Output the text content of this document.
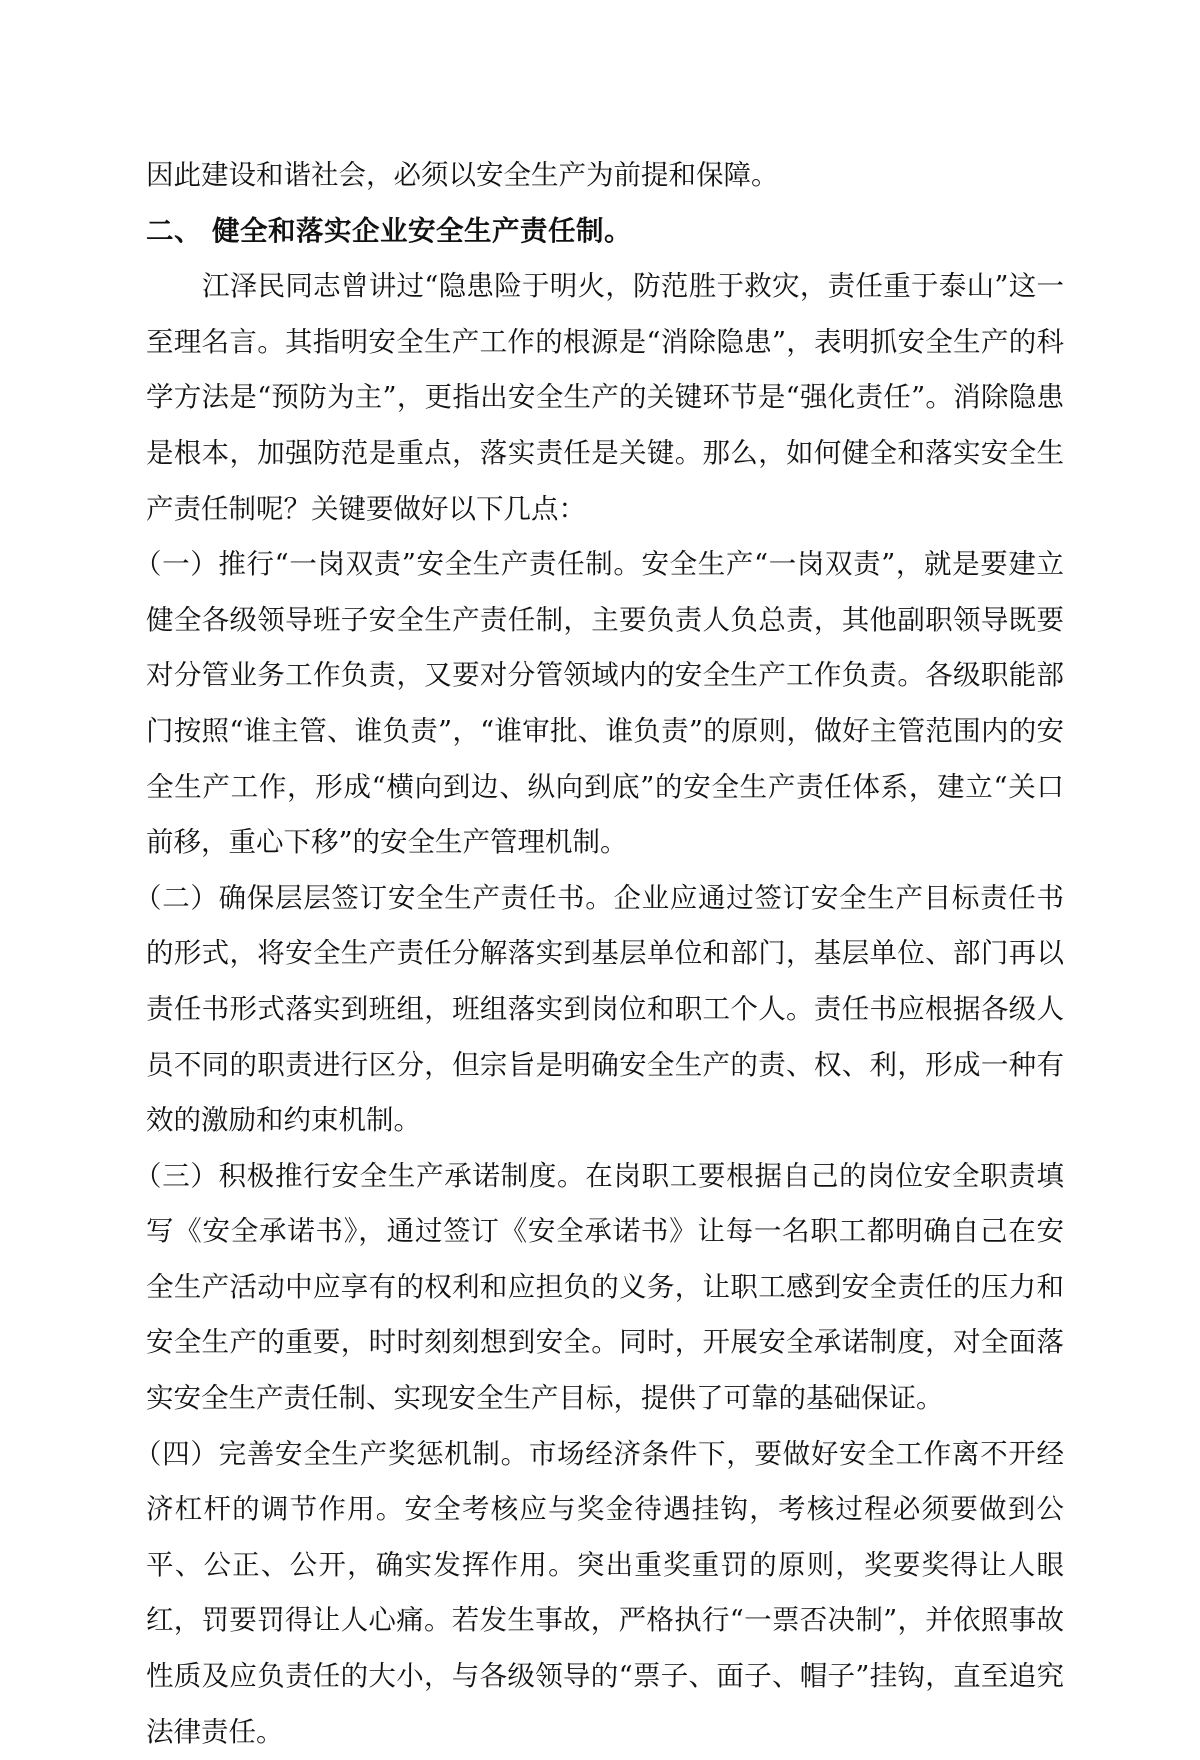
因此建设和谐社会，必须以安全生产为前提和保障。

二、 健全和落实企业安全生产责任制。

江泽民同志曾讲过“隐患险于明火，防范胜于救灾，责任重于泰山”这一至理名言。其指明安全生产工作的根源是“消除隐患”，表明抓安全生产的科学方法是“预防为主”，更指出安全生产的关键环节是“强化责任”。消除隐患是根本，加强防范是重点，落实责任是关键。那么，如何健全和落实安全生产责任制呢？关键要做好以下几点：

（一）推行“一岗双责”安全生产责任制。安全生产“一岗双责”，就是要建立健全各级领导班子安全生产责任制，主要负责人负总责，其他副职领导既要对分管业务工作负责，又要对分管领域内的安全生产工作负责。各级职能部门按照“谁主管、谁负责”，“谁审批、谁负责”的原则，做好主管范围内的安全生产工作，形成“横向到边、纵向到底”的安全生产责任体系，建立“关口前移，重心下移”的安全生产管理机制。

（二）确保层层签订安全生产责任书。企业应通过签订安全生产目标责任书的形式，将安全生产责任分解落实到基层单位和部门，基层单位、部门再以责任书形式落实到班组，班组落实到岗位和职工个人。责任书应根据各级人员不同的职责进行区分，但宗旨是明确安全生产的责、权、利，形成一种有效的激励和约束机制。

（三）积极推行安全生产承诺制度。在岗职工要根据自己的岗位安全职责填写《安全承诺书》，通过签订《安全承诺书》让每一名职工都明确自己在安全生产活动中应享有的权利和应担负的义务，让职工感到安全责任的压力和安全生产的重要，时时刻刻想到安全。同时，开展安全承诺制度，对全面落实安全生产责任制、实现安全生产目标，提供了可靠的基础保证。

（四）完善安全生产奖惩机制。市场经济条件下，要做好安全工作离不开经济杠杆的调节作用。安全考核应与奖金待遇挂钩，考核过程必须要做到公平、公正、公开，确实发挥作用。突出重奖重罚的原则，奖要奖得让人眼红，罚要罚得让人心痛。若发生事故，严格执行“一票否决制”，并依照事故性质及应负责任的大小，与各级领导的“票子、面子、帽子”挂钩，直至追究法律责任。
